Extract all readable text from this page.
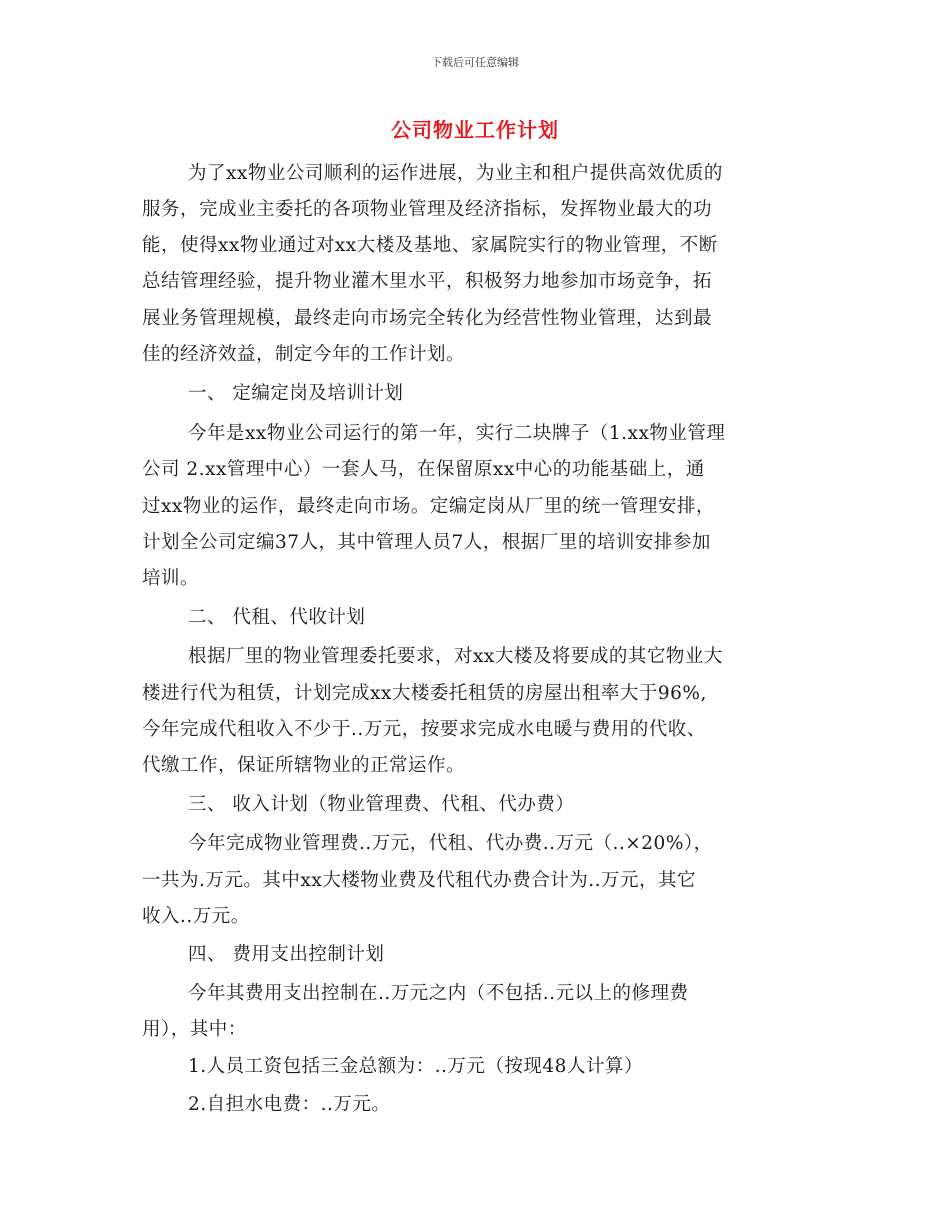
下载后可任意编辑
公司物业工作计划
为了xx物业公司顺利的运作进展，为业主和租户提供高效优质的
服务，完成业主委托的各项物业管理及经济指标，发挥物业最大的功
能，使得xx物业通过对xx大楼及基地、家属院实行的物业管理，不断
总结管理经验，提升物业灌木里水平，积极努力地参加市场竞争，拓
展业务管理规模，最终走向市场完全转化为经营性物业管理，达到最
佳的经济效益，制定今年的工作计划。
一、 定编定岗及培训计划
今年是xx物业公司运行的第一年，实行二块牌子（1.xx物业管理
公司 2.xx管理中心）一套人马，在保留原xx中心的功能基础上，通
过xx物业的运作，最终走向市场。定编定岗从厂里的统一管理安排，
计划全公司定编37人，其中管理人员7人，根据厂里的培训安排参加
培训。
二、 代租、代收计划
根据厂里的物业管理委托要求，对xx大楼及将要成的其它物业大
楼进行代为租赁，计划完成xx大楼委托租赁的房屋出租率大于96%,
今年完成代租收入不少于..万元，按要求完成水电暖与费用的代收、
代缴工作，保证所辖物业的正常运作。
三、 收入计划（物业管理费、代租、代办费）
今年完成物业管理费..万元，代租、代办费..万元（..×20%），
一共为.万元。其中xx大楼物业费及代租代办费合计为..万元，其它
收入..万元。
四、 费用支出控制计划
今年其费用支出控制在..万元之内（不包括..元以上的修理费
用），其中：
1.人员工资包括三金总额为：..万元（按现48人计算）
2.自担水电费：..万元。
